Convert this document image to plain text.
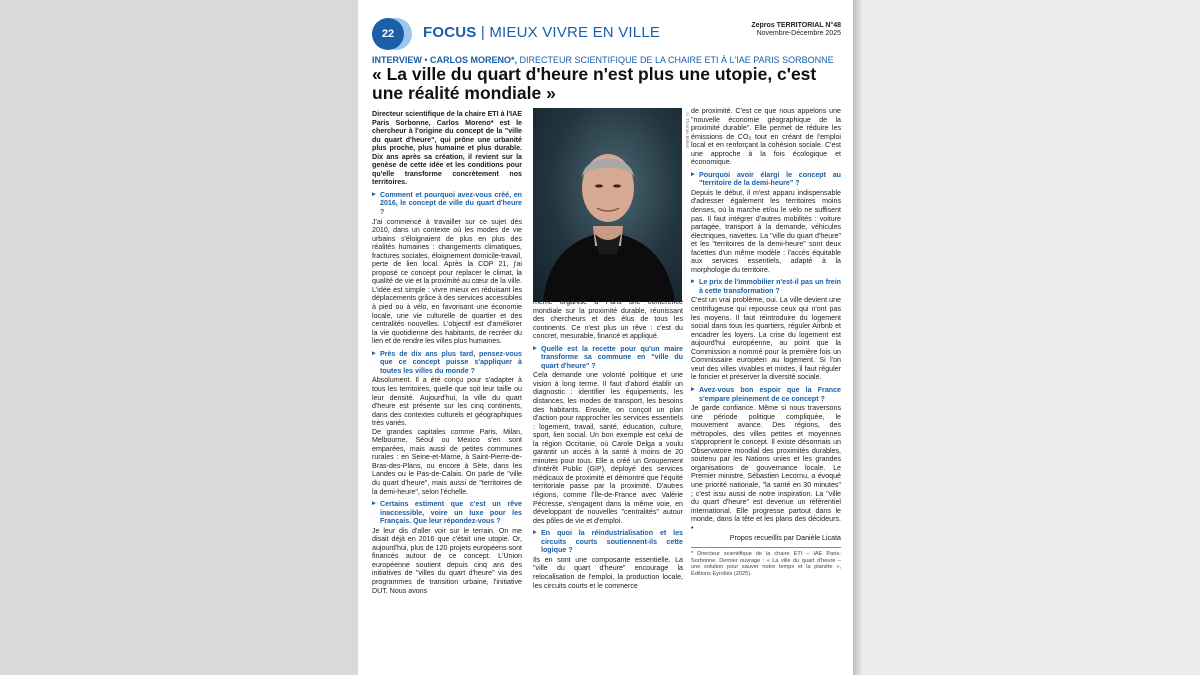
22	FOCUS | MIEUX VIVRE EN VILLE	Zepros TERRITORIAL N°48
Novembre-Décembre 2025
INTERVIEW • CARLOS MORENO*, DIRECTEUR SCIENTIFIQUE DE LA CHAIRE ETI À L'IAE PARIS SORBONNE
« La ville du quart d'heure n'est plus une utopie, c'est une réalité mondiale »

Directeur scientifique de la chaire ETI à l'IAE Paris Sorbonne, Carlos Moreno* est le chercheur à l'origine du concept de la "ville du quart d'heure", qui prône une urbanité plus proche, plus humaine et plus durable. Dix ans après sa création, il revient sur la genèse de cette idée et les conditions pour qu'elle transforme concrètement nos territoires.

▸ Comment et pourquoi avez-vous créé, en 2016, le concept de ville du quart d'heure ?

J'ai commencé à travailler sur ce sujet dès 2010, dans un contexte où les modes de vie urbains s'éloignaient de plus en plus des réalités humaines : changements climatiques, fractures sociales, éloignement domicile-travail, perte de lien local. Après la COP 21, j'ai proposé ce concept pour replacer le climat, la qualité de vie et la proximité au cœur de la ville. L'idée est simple : vivre mieux en réduisant les déplacements grâce à des services accessibles à pied ou à vélo, en favorisant une économie locale, une vie culturelle de quartier et des centralités nouvelles. L'objectif est d'améliorer la vie quotidienne des habitants, de recréer du lien et de rendre les villes plus humaines.

▸ Près de dix ans plus tard, pensez-vous que ce concept puisse s'appliquer à toutes les villes du monde ?

Absolument. Il a été conçu pour s'adapter à tous les territoires, quelle que soit leur taille ou leur densité. Aujourd'hui, la ville du quart d'heure est présente sur les cinq continents, dans des contextes culturels et géographiques très variés.

De grandes capitales comme Paris, Milan, Melbourne, Séoul ou Mexico s'en sont emparées, mais aussi de petites communes rurales : en Seine-et-Marne, à Saint-Pierre-de-Bras-des-Plans, ou encore à Sète, dans les Landes ou le Pas-de-Calais. On parle de "ville du quart d'heure", mais aussi de "territoires de la demi-heure", selon l'échelle.

▸ Certains estiment que c'est un rêve inaccessible, voire un luxe pour les Français. Que leur répondez-vous ?

Je leur dis d'aller voir sur le terrain. On me disait déjà en 2016 que c'était une utopie. Or, aujourd'hui, plus de 120 projets européens sont financés autour de ce concept. L'Union européenne soutient depuis cinq ans des initiatives de "villes du quart d'heure" via des programmes de transition urbaine, l'initiative DUT. Nous avons

© Thomas Bolles

même organisé à Paris une conférence mondiale sur la proximité durable, réunissant des chercheurs et des élus de tous les continents. Ce n'est plus un rêve : c'est du concret, mesurable, financé et appliqué.

▸ Quelle est la recette pour qu'un maire transforme sa commune en "ville du quart d'heure" ?

Cela demande une volonté politique et une vision à long terme. Il faut d'abord établir un diagnostic : identifier les équipements, les distances, les modes de transport, les besoins des habitants. Ensuite, on conçoit un plan d'action pour rapprocher les services essentiels : logement, travail, santé, éducation, culture, sport, lien social. Un bon exemple est celui de la région Occitanie, où Carole Delga a voulu garantir un accès à la santé à moins de 20 minutes pour tous. Elle a créé un Groupement d'intérêt Public (GIP), déployé des services médicaux de proximité et démontré que l'équité territoriale passe par la proximité. D'autres régions, comme l'Île-de-France avec Valérie Pécresse, s'engagent dans la même voie, en développant de nouvelles "centralités" autour des pôles de vie et d'emploi.

▸ En quoi la réindustrialisation et les circuits courts soutiennent-ils cette logique ?

Ils en sont une composante essentielle. La "ville du quart d'heure" encourage la relocalisation de l'emploi, la production locale, les circuits courts et le commerce

de proximité. C'est ce que nous appelons une "nouvelle économie géographique de la proximité durable". Elle permet de réduire les émissions de CO₂ tout en créant de l'emploi local et en renforçant la cohésion sociale. C'est une approche à la fois écologique et économique.

▸ Pourquoi avoir élargi le concept au "territoire de la demi-heure" ?

Depuis le début, il m'est apparu indispensable d'adresser également les territoires moins denses, où la marche et/ou le vélo ne suffisent pas. Il faut intégrer d'autres mobilités : voiture partagée, transport à la demande, véhicules électriques, navettes. La "ville du quart d'heure" et les "territoires de la demi-heure" sont deux facettes d'un même modèle : l'accès équitable aux services essentiels, adapté à la morphologie du territoire.

▸ Le prix de l'immobilier n'est-il pas un frein à cette transformation ?

C'est un vrai problème, oui. La ville devient une centrifugeuse qui repousse ceux qui n'ont pas les moyens. Il faut réintroduire du logement social dans tous les quartiers, réguler Airbnb et encadrer les loyers. La crise du logement est aujourd'hui européenne, au point que la Commission a nommé pour la première fois un Commissaire européen au logement. Si l'on veut des villes vivables et mixtes, il faut réguler le foncier et préserver la diversité sociale.

▸ Avez-vous bon espoir que la France s'empare pleinement de ce concept ?

Je garde confiance. Même si nous traversons une période politique compliquée, le mouvement avance. Des régions, des métropoles, des villes petites et moyennes s'approprient le concept. Il existe désormais un Observatoire mondial des proximités durables, soutenu par les Nations unies et les grandes organisations de gouvernance locale. Le Premier ministre, Sébastien Lecornu, a évoqué une priorité nationale, "la santé en 30 minutes" ; c'est issu aussi de notre inspiration. La "ville du quart d'heure" est devenue un référentiel international. Elle progresse partout dans le monde, dans la tête et les plans des décideurs. •

Propos recueillis par Danièle Licata

* Directeur scientifique de la chaire ETI – IAE Paris-Sorbonne. Dernier ouvrage : « La ville du quart d'heure – une solution pour sauver notre temps et la planète », Éditions Eyrolles (2025).
